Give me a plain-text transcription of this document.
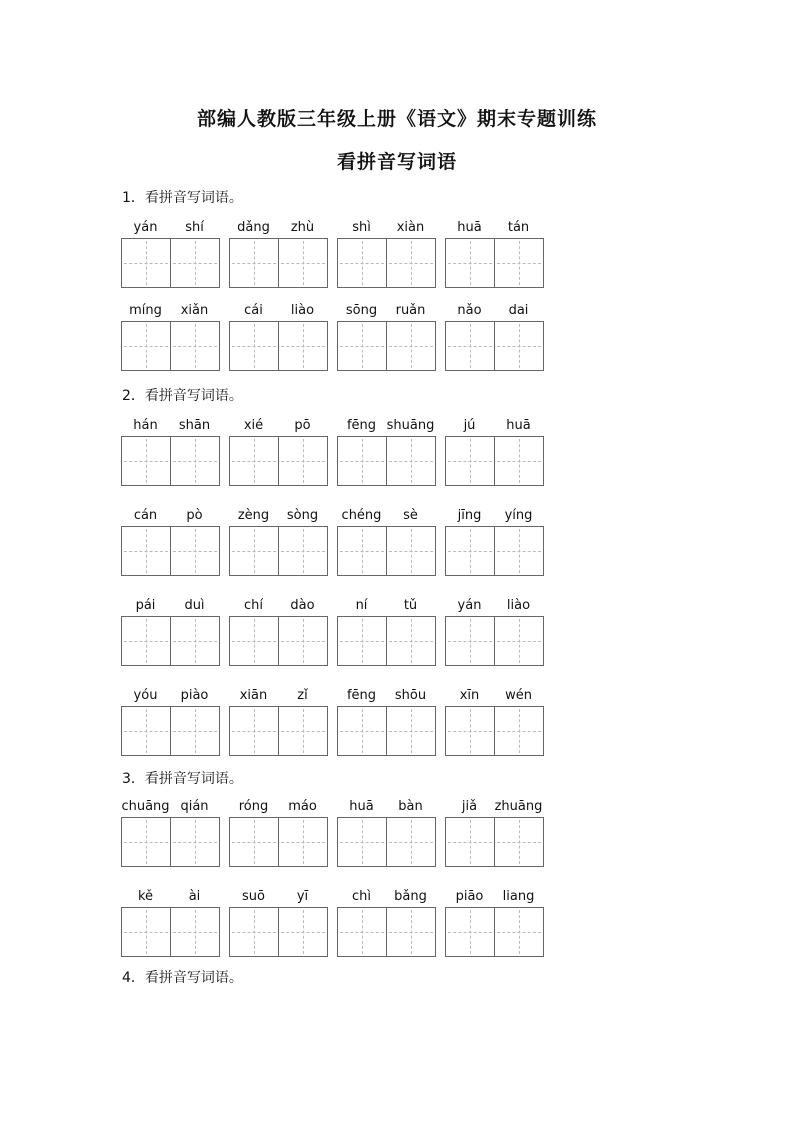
部编人教版三年级上册《语文》期末专题训练
看拼音写词语
1．看拼音写词语。
yán	shí	dǎng	zhù	shì	xiàn	huā	tán
míng	xiǎn	cái	liào	sōng	ruǎn	nǎo	dai
2．看拼音写词语。
hán	shān	xié	pō	fēng shuāng	jú	huā
cán	pò	zèng	sòng	chéng	sè	jīng	yíng
pái	duì	chí	dào	ní	tǔ	yán	liào
yóu	piào	xiān	zǐ	fēng	shōu	xīn	wén
3．看拼音写词语。
chuāng qián	róng	máo	huā	bàn	jiǎ	zhuāng
kě	ài	suō	yī	chì	bǎng	piāo	liang
4．看拼音写词语。
